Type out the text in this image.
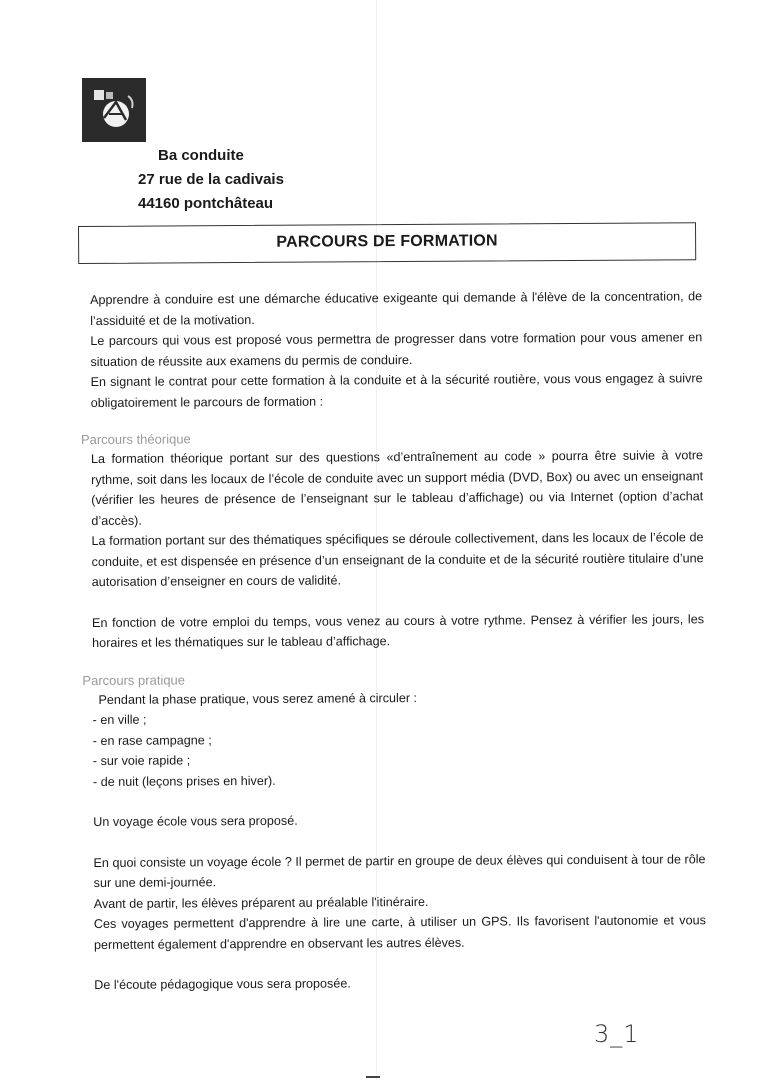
Ba conduite
27 rue de la cadivais
44160 pontchâteau
PARCOURS DE FORMATION

Apprendre à conduire est une démarche éducative exigeante qui demande à l'élève de la concentration, de l’assiduité et de la motivation.

Le parcours qui vous est proposé vous permettra de progresser dans votre formation pour vous amener en situation de réussite aux examens du permis de conduire.

En signant le contrat pour cette formation à la conduite et à la sécurité routière, vous vous engagez à suivre obligatoirement le parcours de formation :

Parcours théorique

La formation théorique portant sur des questions «d’entraînement au code » pourra être suivie à votre rythme, soit dans les locaux de l’école de conduite avec un support média (DVD, Box) ou avec un enseignant (vérifier les heures de présence de l’enseignant sur le tableau d’affichage) ou via Internet (option d’achat d’accès).

La formation portant sur des thématiques spécifiques se déroule collectivement, dans les locaux de l’école de conduite, et est dispensée en présence d’un enseignant de la conduite et de la sécurité routière titulaire d’une autorisation d’enseigner en cours de validité.

En fonction de votre emploi du temps, vous venez au cours à votre rythme. Pensez à vérifier les jours, les horaires et les thématiques sur le tableau d’affichage.

Parcours pratique

Pendant la phase pratique, vous serez amené à circuler :

- en ville ;

- en rase campagne ;

- sur voie rapide ;

- de nuit (leçons prises en hiver).

Un voyage école vous sera proposé.

En quoi consiste un voyage école ? Il permet de partir en groupe de deux élèves qui conduisent à tour de rôle sur une demi-journée.

Avant de partir, les élèves préparent au préalable l'itinéraire.

Ces voyages permettent d'apprendre à lire une carte, à utiliser un GPS. Ils favorisent l'autonomie et vous permettent également d'apprendre en observant les autres élèves.

De l'écoute pédagogique vous sera proposée.

3_1
